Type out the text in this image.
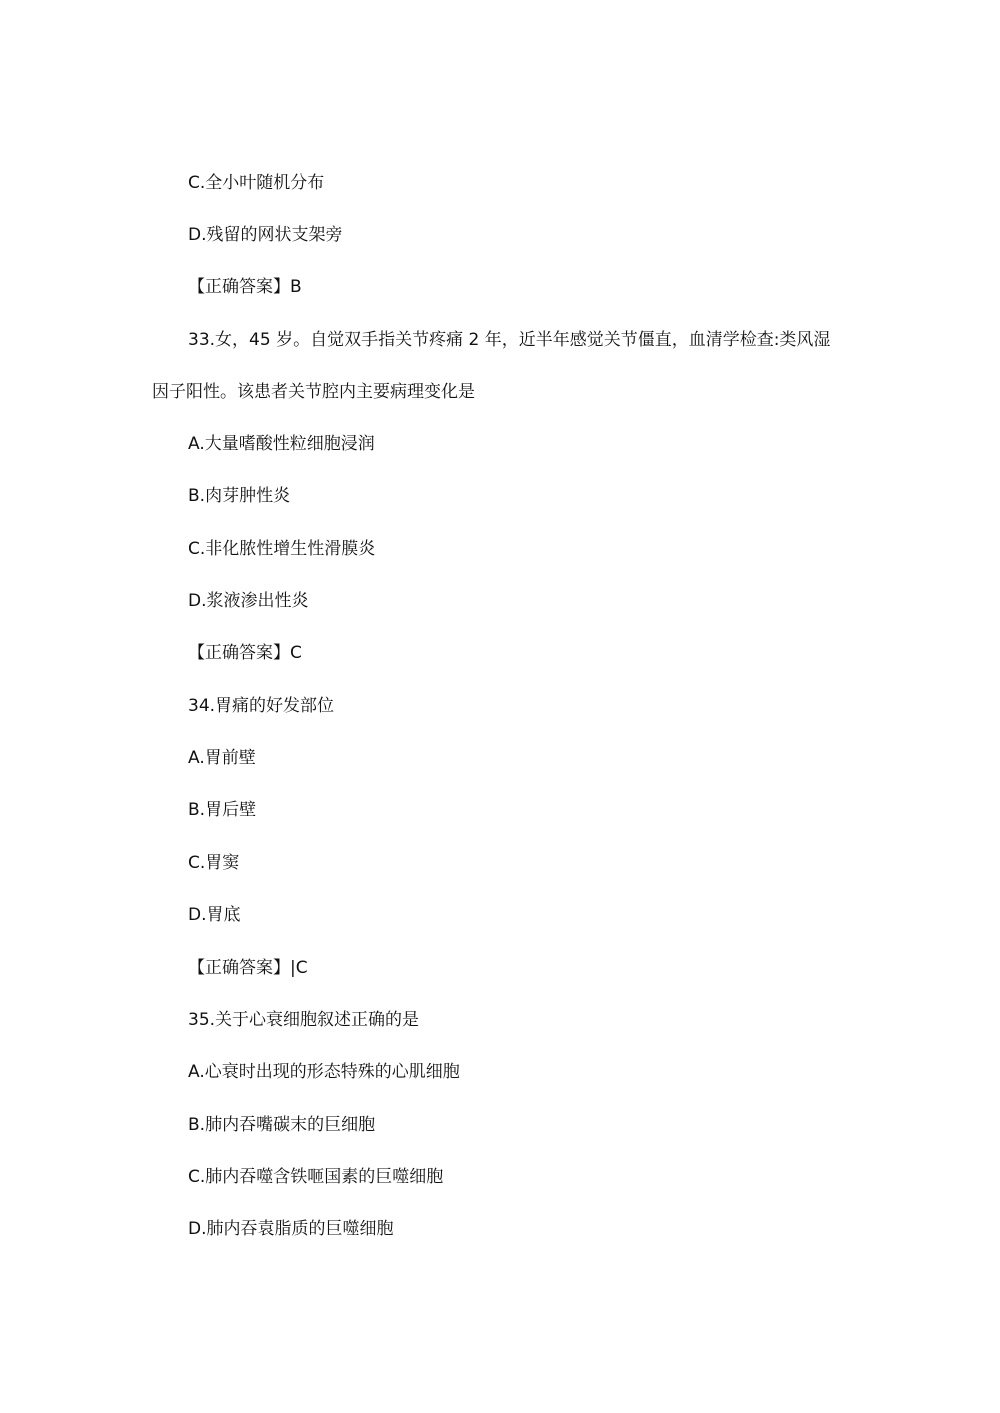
C.全小叶随机分布
D.残留的网状支架旁
【正确答案】B
33.女，45 岁。自觉双手指关节疼痛 2 年，近半年感觉关节僵直，血清学检查:类风湿
因子阳性。该患者关节腔内主要病理变化是
A.大量嗜酸性粒细胞浸润
B.肉芽肿性炎
C.非化脓性增生性滑膜炎
D.浆液渗出性炎
【正确答案】C
34.胃痛的好发部位
A.胃前壁
B.胃后壁
C.胃窦
D.胃底
【正确答案】|C
35.关于心衰细胞叙述正确的是
A.心衰时出现的形态特殊的心肌细胞
B.肺内吞嘴碳末的巨细胞
C.肺内吞噬含铁咂国素的巨噬细胞
D.肺内吞袁脂质的巨噬细胞
